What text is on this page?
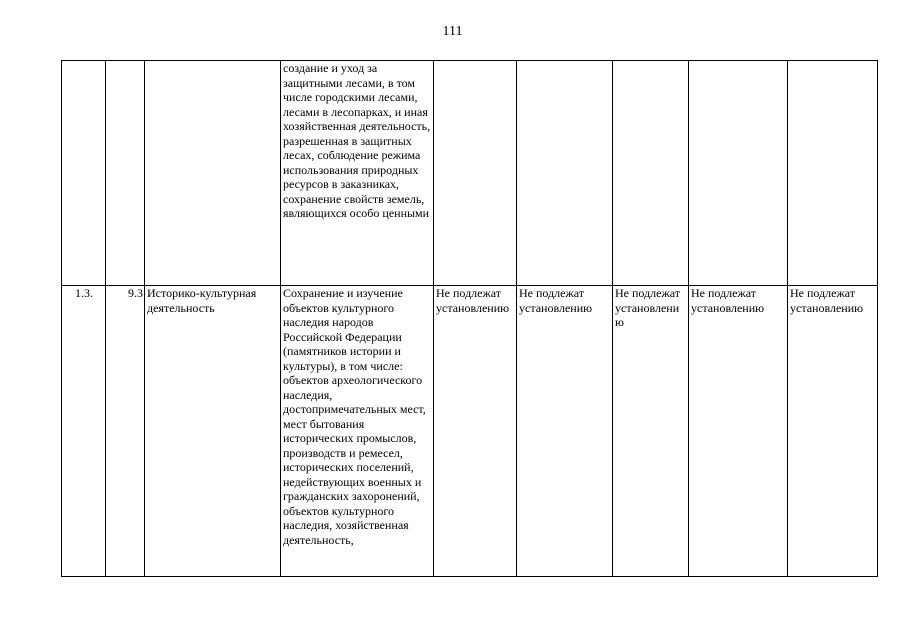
111
			создание и уход за защитными лесами, в том числе городскими лесами, лесами в лесопарках, и иная хозяйственная деятельность, разрешенная в защитных лесах, соблюдение режима использования природных ресурсов в заказниках, сохранение свойств земель, являющихся особо ценными					
1.3.	9.3	Историко-культурная деятельность	Сохранение и изучение объектов культурного наследия народов Российской Федерации (памятников истории и культуры), в том числе: объектов археологического наследия, достопримечательных мест, мест бытования исторических промыслов, производств и ремесел, исторических поселений, недействующих военных и гражданских захоронений, объектов культурного наследия, хозяйственная деятельность,	Не подлежат установлению	Не подлежат установлению	Не подлежат установлению	Не подлежат установлению	Не подлежат установлению
